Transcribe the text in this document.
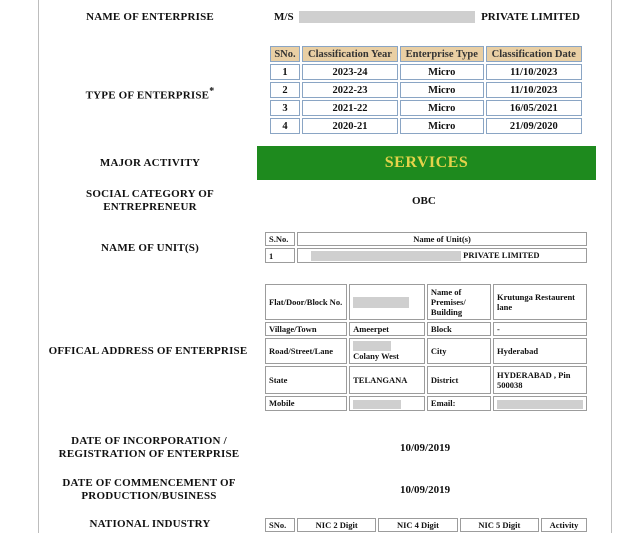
NAME OF ENTERPRISE	M/S	PRIVATE LIMITED
TYPE OF ENTERPRISE*
SNo.	Classification Year	Enterprise Type	Classification Date
1	2023-24	Micro	11/10/2023
2	2022-23	Micro	11/10/2023
3	2021-22	Micro	16/05/2021
4	2020-21	Micro	21/09/2020
MAJOR ACTIVITY	SERVICES
SOCIAL CATEGORY OF ENTREPRENEUR	OBC
NAME OF UNIT(S)
S.No.	Name of Unit(s)
1	PRIVATE LIMITED
OFFICAL ADDRESS OF ENTERPRISE
Flat/Door/Block No.		Name of Premises/ Building	Krutunga Restaurent lane
Village/Town	Ameerpet	Block	-
Road/Street/Lane	Colany West	City	Hyderabad
State	TELANGANA	District	HYDERABAD , Pin 500038
Mobile		Email:	
DATE OF INCORPORATION / REGISTRATION OF ENTERPRISE	10/09/2019
DATE OF COMMENCEMENT OF PRODUCTION/BUSINESS	10/09/2019
NATIONAL INDUSTRY	SNo.	NIC 2 Digit	NIC 4 Digit	NIC 5 Digit	Activity
